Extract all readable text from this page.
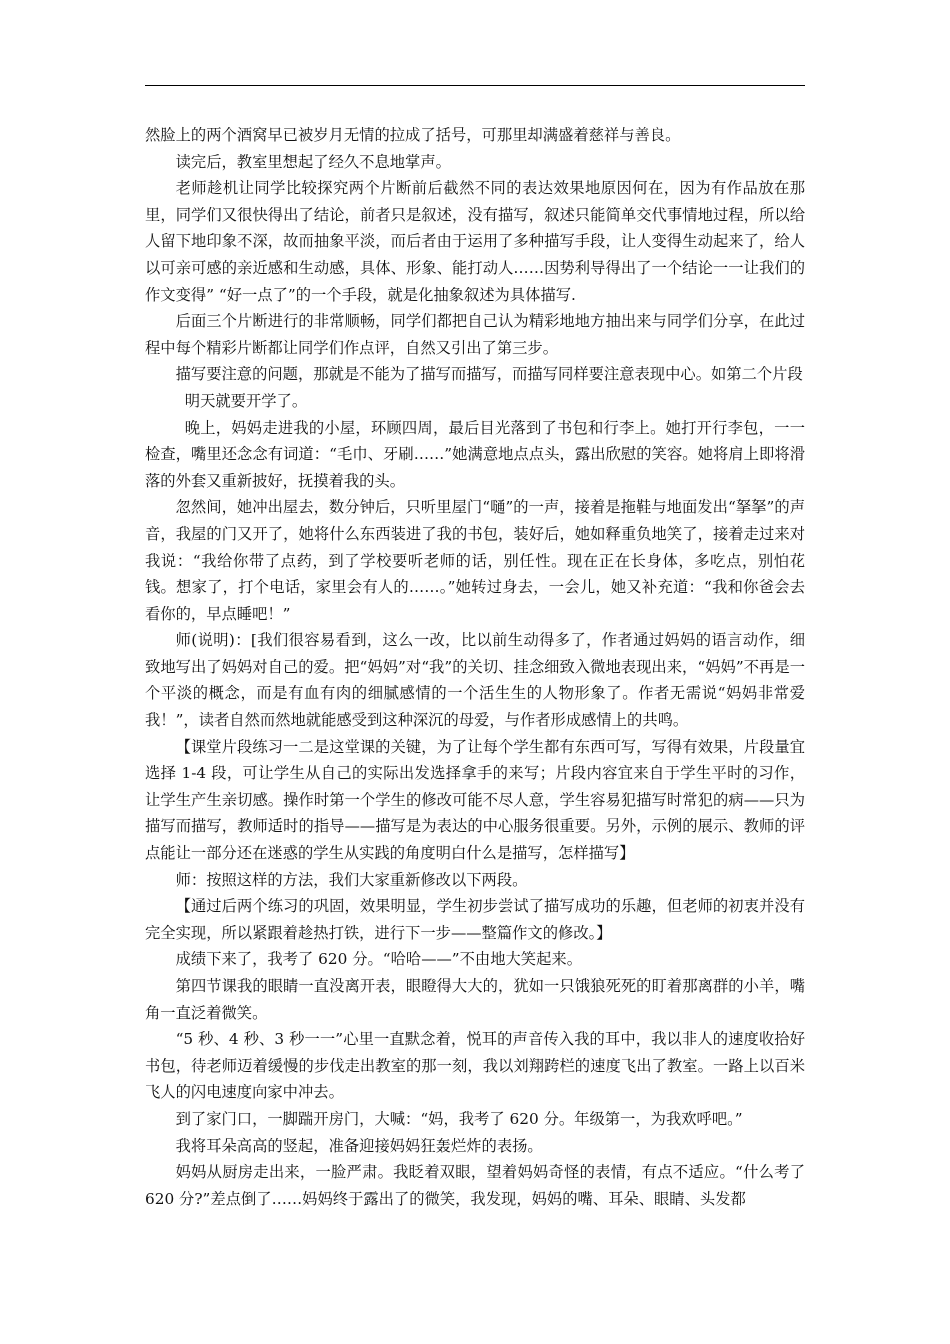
然脸上的两个酒窝早已被岁月无情的拉成了括号，可那里却满盛着慈祥与善良。

读完后，教室里想起了经久不息地掌声。

老师趁机让同学比较探究两个片断前后截然不同的表达效果地原因何在，因为有作品放在那里，同学们又很快得出了结论，前者只是叙述，没有描写，叙述只能简单交代事情地过程，所以给人留下地印象不深，故而抽象平淡，而后者由于运用了多种描写手段，让人变得生动起来了，给人以可亲可感的亲近感和生动感，具体、形象、能打动人……因势利导得出了一个结论一一让我们的作文变得” “好一点了”的一个手段，就是化抽象叙述为具体描写.

后面三个片断进行的非常顺畅，同学们都把自己认为精彩地地方抽出来与同学们分享，在此过程中每个精彩片断都让同学们作点评，自然又引出了第三步。

描写要注意的问题，那就是不能为了描写而描写，而描写同样要注意表现中心。如第二个片段

明天就要开学了。

晚上，妈妈走进我的小屋，环顾四周，最后目光落到了书包和行李上。她打开行李包，一一检查，嘴里还念念有词道：“毛巾、牙刷……”她满意地点点头，露出欣慰的笑容。她将肩上即将滑落的外套又重新披好，抚摸着我的头。

忽然间，她冲出屋去，数分钟后，只听里屋门“嗵”的一声，接着是拖鞋与地面发出“拏拏”的声音，我屋的门又开了，她将什么东西装进了我的书包，装好后，她如释重负地笑了，接着走过来对我说：“我给你带了点药，到了学校要听老师的话，别任性。现在正在长身体，多吃点，别怕花钱。想家了，打个电话，家里会有人的……。”她转过身去，一会儿，她又补充道：“我和你爸会去看你的，早点睡吧！”

师(说明)：[我们很容易看到，这么一改，比以前生动得多了，作者通过妈妈的语言动作，细致地写出了妈妈对自己的爱。把“妈妈”对“我”的关切、挂念细致入微地表现出来，“妈妈”不再是一个平淡的概念，而是有血有肉的细腻感情的一个活生生的人物形象了。作者无需说“妈妈非常爱我！”，读者自然而然地就能感受到这种深沉的母爱，与作者形成感情上的共鸣。

【课堂片段练习一二是这堂课的关键，为了让每个学生都有东西可写，写得有效果，片段量宜选择 1-4 段，可让学生从自己的实际出发选择拿手的来写；片段内容宜来自于学生平时的习作，让学生产生亲切感。操作时第一个学生的修改可能不尽人意，学生容易犯描写时常犯的病——只为描写而描写，教师适时的指导——描写是为表达的中心服务很重要。另外，示例的展示、教师的评点能让一部分还在迷惑的学生从实践的角度明白什么是描写，怎样描写】

师：按照这样的方法，我们大家重新修改以下两段。

【通过后两个练习的巩固，效果明显，学生初步尝试了描写成功的乐趣，但老师的初衷并没有完全实现，所以紧跟着趁热打铁，进行下一步——整篇作文的修改。】

成绩下来了，我考了 620 分。“哈哈——”不由地大笑起来。

第四节课我的眼睛一直没离开表，眼瞪得大大的，犹如一只饿狼死死的盯着那离群的小羊，嘴角一直泛着微笑。

“5 秒、4 秒、3 秒一一”心里一直默念着，悦耳的声音传入我的耳中，我以非人的速度收拾好书包，待老师迈着缓慢的步伐走出教室的那一刻，我以刘翔跨栏的速度飞出了教室。一路上以百米飞人的闪电速度向家中冲去。

到了家门口，一脚踹开房门，大喊：“妈，我考了 620 分。年级第一，为我欢呼吧。”

我将耳朵高高的竖起，准备迎接妈妈狂轰烂炸的表扬。

妈妈从厨房走出来，一脸严肃。我眨着双眼，望着妈妈奇怪的表情，有点不适应。“什么考了 620 分?”差点倒了……妈妈终于露出了的微笑，我发现，妈妈的嘴、耳朵、眼睛、头发都
